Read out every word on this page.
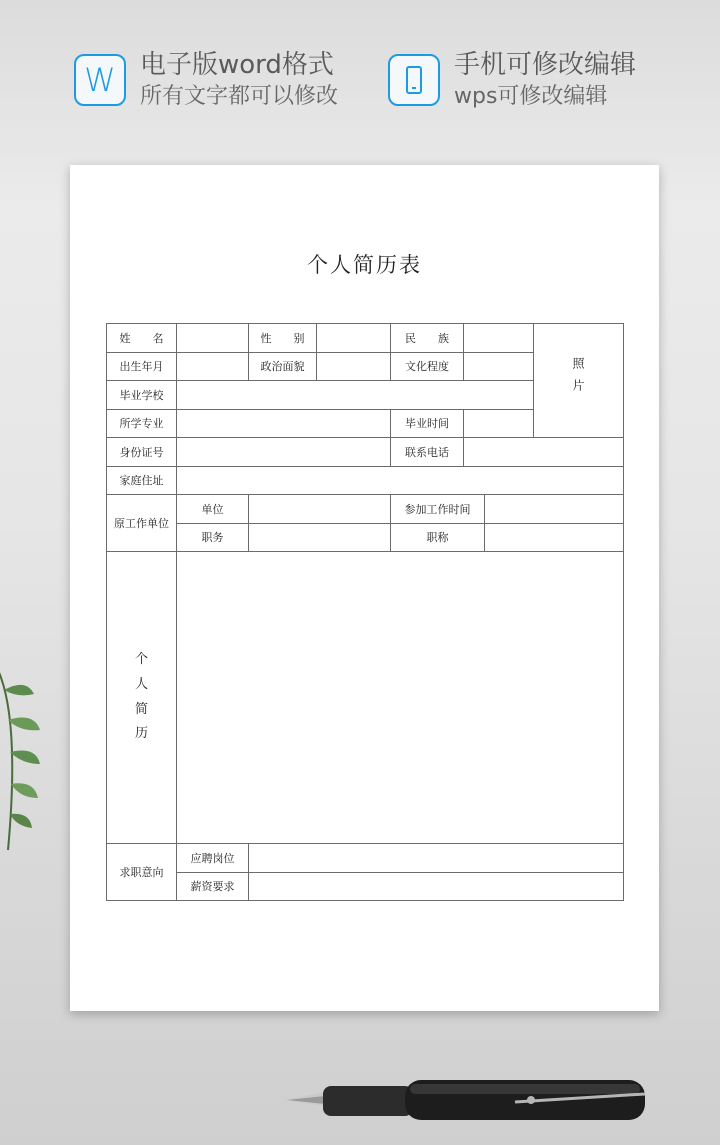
W 电子版word格式
所有文字都可以修改
手机可修改编辑
wps可修改编辑
个人简历表
姓　　名		性　　别		民　　族			照片
出生年月		政治面貌		文化程度			
毕业学校							
所学专业				毕业时间			
身份证号				联系电话			
家庭住址							
原工作单位	单位			参加工作时间			
	职务			职称			

个人简历							

求职意向	应聘岗位						
	薪资要求						
